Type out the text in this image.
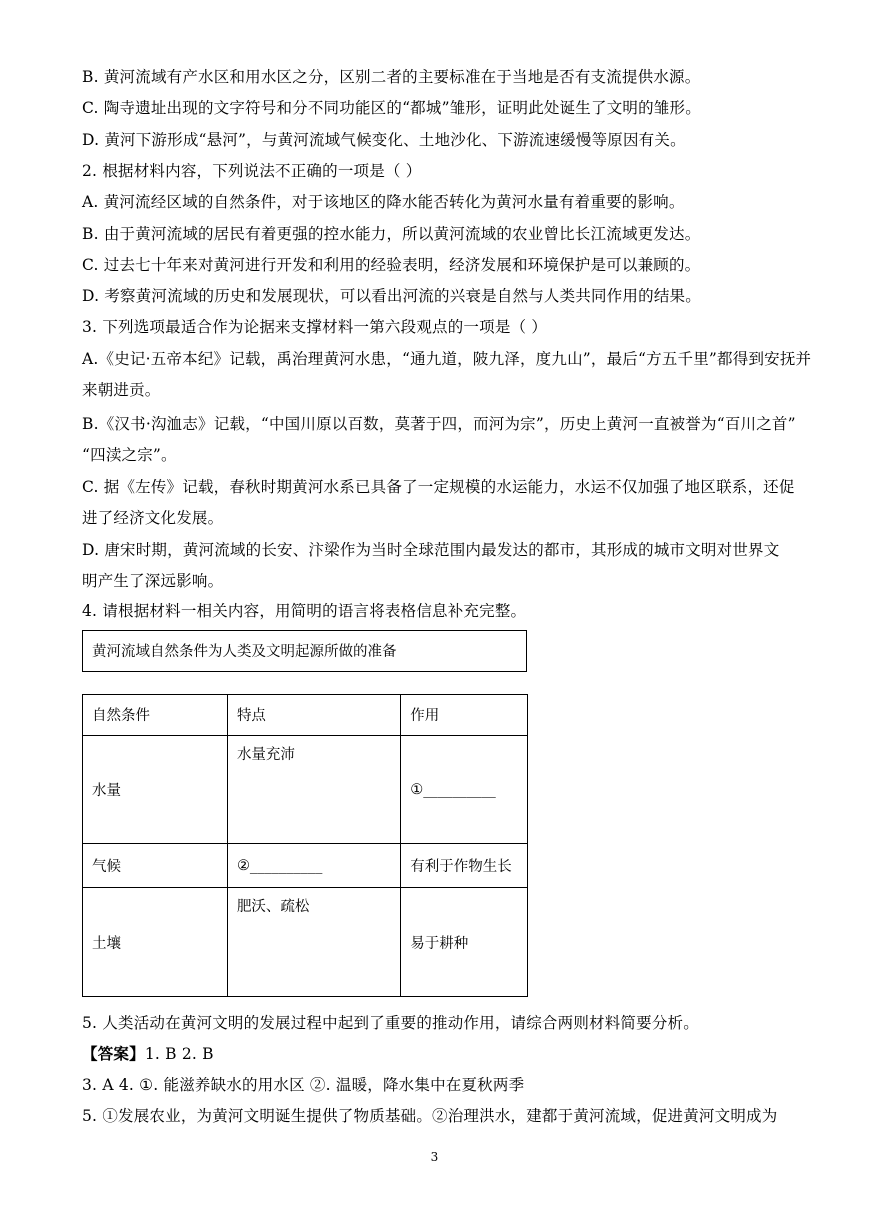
B. 黄河流域有产水区和用水区之分，区别二者的主要标准在于当地是否有支流提供水源。
C. 陶寺遗址出现的文字符号和分不同功能区的“都城”雏形，证明此处诞生了文明的雏形。
D. 黄河下游形成“悬河”，与黄河流域气候变化、土地沙化、下游流速缓慢等原因有关。
2. 根据材料内容，下列说法不正确的一项是（ ）
A. 黄河流经区域的自然条件，对于该地区的降水能否转化为黄河水量有着重要的影响。
B. 由于黄河流域的居民有着更强的控水能力，所以黄河流域的农业曾比长江流域更发达。
C. 过去七十年来对黄河进行开发和利用的经验表明，经济发展和环境保护是可以兼顾的。
D. 考察黄河流域的历史和发展现状，可以看出河流的兴衰是自然与人类共同作用的结果。
3. 下列选项最适合作为论据来支撑材料一第六段观点的一项是（ ）
A.《史记·五帝本纪》记载，禹治理黄河水患，“通九道，陂九泽，度九山”，最后“方五千里”都得到安抚并
来朝进贡。
B.《汉书·沟洫志》记载，“中国川原以百数，莫著于四，而河为宗”，历史上黄河一直被誉为“百川之首”
“四渎之宗”。
C. 据《左传》记载，春秋时期黄河水系已具备了一定规模的水运能力，水运不仅加强了地区联系，还促
进了经济文化发展。
D. 唐宋时期，黄河流域的长安、汴梁作为当时全球范围内最发达的都市，其形成的城市文明对世界文
明产生了深远影响。
4. 请根据材料一相关内容，用简明的语言将表格信息补充完整。
黄河流域自然条件为人类及文明起源所做的准备
自然条件	特点	作用
水量	水量充沛	①__________
气候	②__________	有利于作物生长
土壤	肥沃、疏松	易于耕种
5. 人类活动在黄河文明的发展过程中起到了重要的推动作用，请综合两则材料简要分析。
【答案】1. B 2. B
3. A 4. ①. 能滋养缺水的用水区 ②. 温暖，降水集中在夏秋两季
5. ①发展农业，为黄河文明诞生提供了物质基础。②治理洪水，建都于黄河流域，促进黄河文明成为
3
